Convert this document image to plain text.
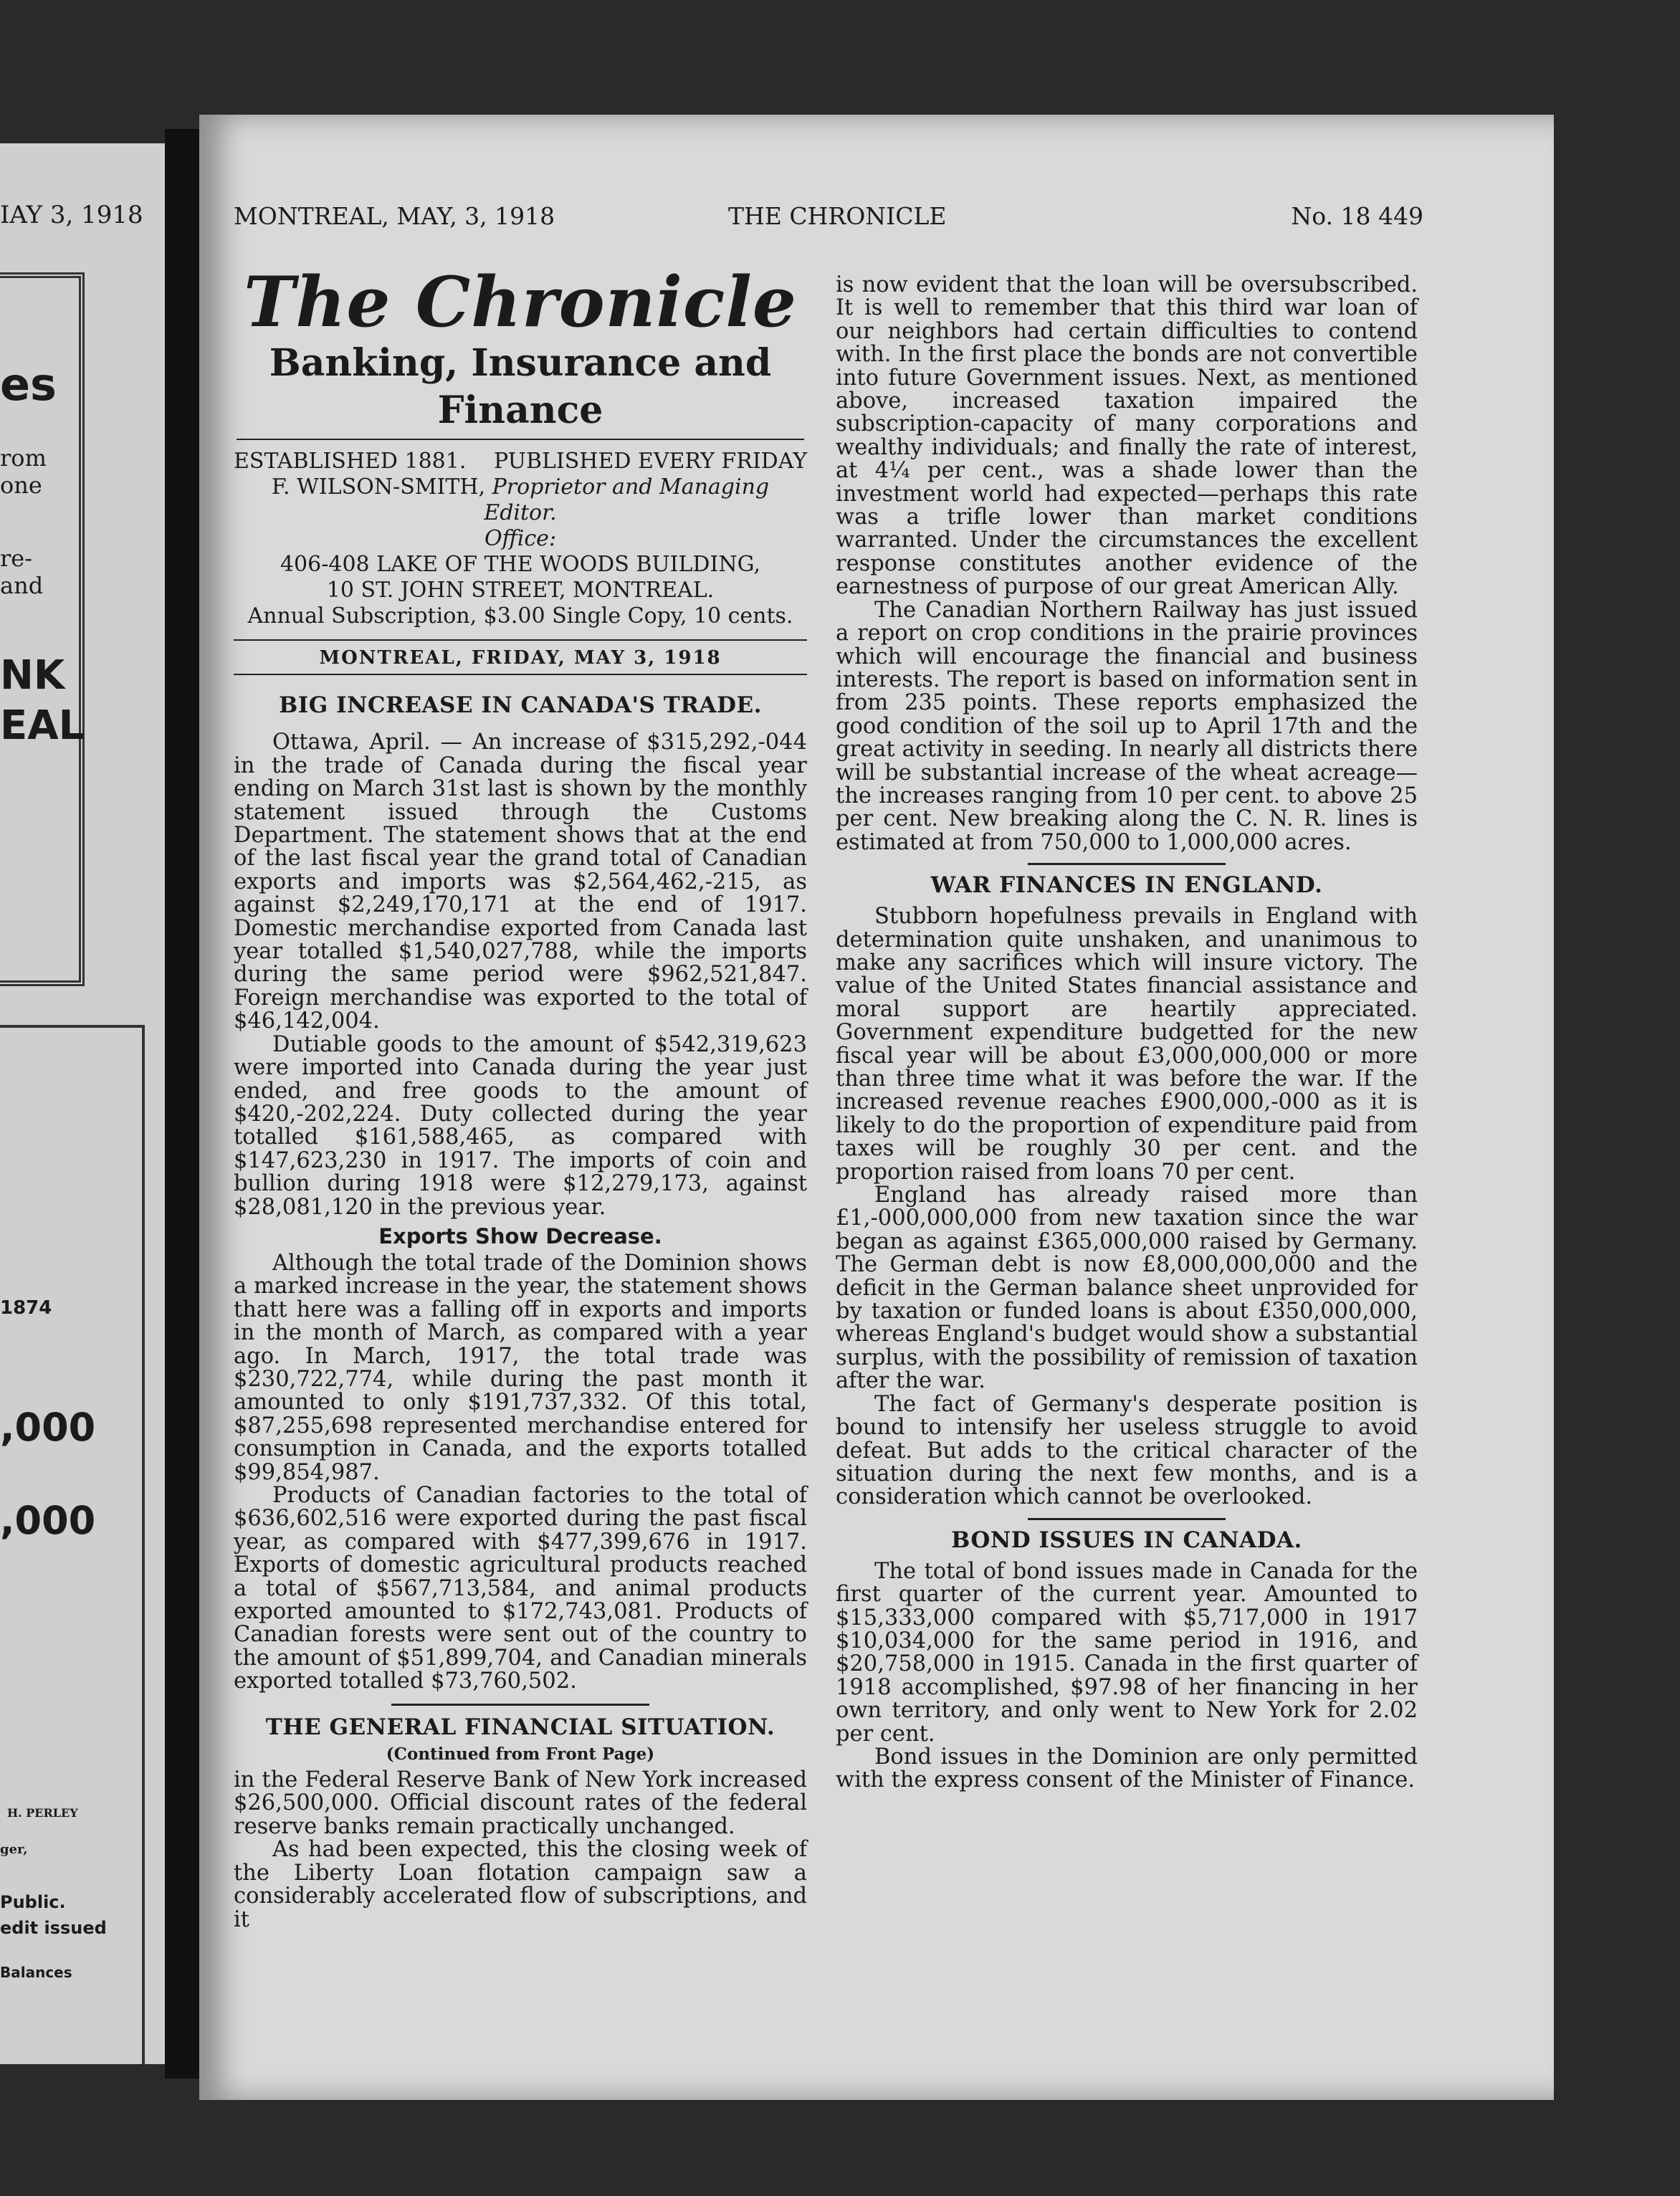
IAY 3, 1918
es
rom
one
re-
and
NK
EAL
1874
,000
,000
H. PERLEY
ger,
Public.
edit issued
Balances
MONTREAL, MAY, 3, 1918	THE CHRONICLE	No. 18 449
The Chronicle
Banking, Insurance and Finance
ESTABLISHED 1881. PUBLISHED EVERY FRIDAY
F. WILSON-SMITH, Proprietor and Managing Editor.
Office:
406-408 LAKE OF THE WOODS BUILDING,
10 ST. JOHN STREET, MONTREAL.
Annual Subscription, $3.00 Single Copy, 10 cents.
MONTREAL, FRIDAY, MAY 3, 1918
BIG INCREASE IN CANADA'S TRADE.

Ottawa, April. — An increase of $315,292,-044 in the trade of Canada during the fiscal year ending on March 31st last is shown by the monthly statement issued through the Customs Department. The statement shows that at the end of the last fiscal year the grand total of Canadian exports and imports was $2,564,462,-215, as against $2,249,170,171 at the end of 1917. Domestic merchandise exported from Canada last year totalled $1,540,027,788, while the imports during the same period were $962,521,847. Foreign merchandise was exported to the total of $46,142,004.

Dutiable goods to the amount of $542,319,623 were imported into Canada during the year just ended, and free goods to the amount of $420,-202,224. Duty collected during the year totalled $161,588,465, as compared with $147,623,230 in 1917. The imports of coin and bullion during 1918 were $12,279,173, against $28,081,120 in the previous year.

Exports Show Decrease.

Although the total trade of the Dominion shows a marked increase in the year, the statement shows thatt here was a falling off in exports and imports in the month of March, as compared with a year ago. In March, 1917, the total trade was $230,722,774, while during the past month it amounted to only $191,737,332. Of this total, $87,255,698 represented merchandise entered for consumption in Canada, and the exports totalled $99,854,987.

Products of Canadian factories to the total of $636,602,516 were exported during the past fiscal year, as compared with $477,399,676 in 1917. Exports of domestic agricultural products reached a total of $567,713,584, and animal products exported amounted to $172,743,081. Products of Canadian forests were sent out of the country to the amount of $51,899,704, and Canadian minerals exported totalled $73,760,502.

THE GENERAL FINANCIAL SITUATION.
(Continued from Front Page)

in the Federal Reserve Bank of New York increased $26,500,000. Official discount rates of the federal reserve banks remain practically unchanged.

As had been expected, this the closing week of the Liberty Loan flotation campaign saw a considerably accelerated flow of subscriptions, and it

is now evident that the loan will be oversubscribed. It is well to remember that this third war loan of our neighbors had certain difficulties to contend with. In the first place the bonds are not convertible into future Government issues. Next, as mentioned above, increased taxation impaired the subscription-capacity of many corporations and wealthy individuals; and finally the rate of interest, at 4¼ per cent., was a shade lower than the investment world had expected—perhaps this rate was a trifle lower than market conditions warranted. Under the circumstances the excellent response constitutes another evidence of the earnestness of purpose of our great American Ally.

The Canadian Northern Railway has just issued a report on crop conditions in the prairie provinces which will encourage the financial and business interests. The report is based on information sent in from 235 points. These reports emphasized the good condition of the soil up to April 17th and the great activity in seeding. In nearly all districts there will be substantial increase of the wheat acreage—the increases ranging from 10 per cent. to above 25 per cent. New breaking along the C. N. R. lines is estimated at from 750,000 to 1,000,000 acres.

WAR FINANCES IN ENGLAND.

Stubborn hopefulness prevails in England with determination quite unshaken, and unanimous to make any sacrifices which will insure victory. The value of the United States financial assistance and moral support are heartily appreciated. Government expenditure budgetted for the new fiscal year will be about £3,000,000,000 or more than three time what it was before the war. If the increased revenue reaches £900,000,-000 as it is likely to do the proportion of expenditure paid from taxes will be roughly 30 per cent. and the proportion raised from loans 70 per cent.

England has already raised more than £1,-000,000,000 from new taxation since the war began as against £365,000,000 raised by Germany. The German debt is now £8,000,000,000 and the deficit in the German balance sheet unprovided for by taxation or funded loans is about £350,000,000, whereas England's budget would show a substantial surplus, with the possibility of remission of taxation after the war.

The fact of Germany's desperate position is bound to intensify her useless struggle to avoid defeat. But adds to the critical character of the situation during the next few months, and is a consideration which cannot be overlooked.

BOND ISSUES IN CANADA.

The total of bond issues made in Canada for the first quarter of the current year. Amounted to $15,333,000 compared with $5,717,000 in 1917 $10,034,000 for the same period in 1916, and $20,758,000 in 1915. Canada in the first quarter of 1918 accomplished, $97.98 of her financing in her own territory, and only went to New York for 2.02 per cent.

Bond issues in the Dominion are only permitted with the express consent of the Minister of Finance.
